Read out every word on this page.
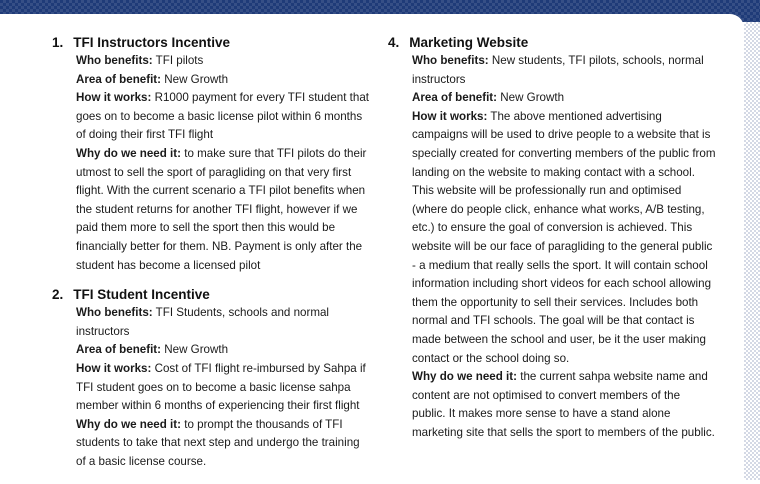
1. TFI Instructors Incentive

Who benefits: TFI pilots

Area of benefit: New Growth

How it works: R1000 payment for every TFI student that goes on to become a basic license pilot within 6 months of doing their first TFI flight

Why do we need it: to make sure that TFI pilots do their utmost to sell the sport of paragliding on that very first flight. With the current scenario a TFI pilot benefits when the student returns for another TFI flight, however if we paid them more to sell the sport then this would be financially better for them. NB. Payment is only after the student has become a licensed pilot

2. TFI Student Incentive

Who benefits: TFI Students, schools and normal instructors

Area of benefit: New Growth

How it works: Cost of TFI flight re-imbursed by Sahpa if TFI student goes on to become a basic license sahpa member within 6 months of experiencing their first flight

Why do we need it: to prompt the thousands of TFI students to take that next step and undergo the training of a basic license course.

4. Marketing Website

Who benefits: New students, TFI pilots, schools, normal instructors

Area of benefit: New Growth

How it works: The above mentioned advertising campaigns will be used to drive people to a website that is specially created for converting members of the public from landing on the website to making contact with a school. This website will be professionally run and optimised (where do people click, enhance what works, A/B testing, etc.) to ensure the goal of conversion is achieved. This website will be our face of paragliding to the general public - a medium that really sells the sport. It will contain school information including short videos for each school allowing them the opportunity to sell their services. Includes both normal and TFI schools. The goal will be that contact is made between the school and user, be it the user making contact or the school doing so.

Why do we need it: the current sahpa website name and content are not optimised to convert members of the public. It makes more sense to have a stand alone marketing site that sells the sport to members of the public.
